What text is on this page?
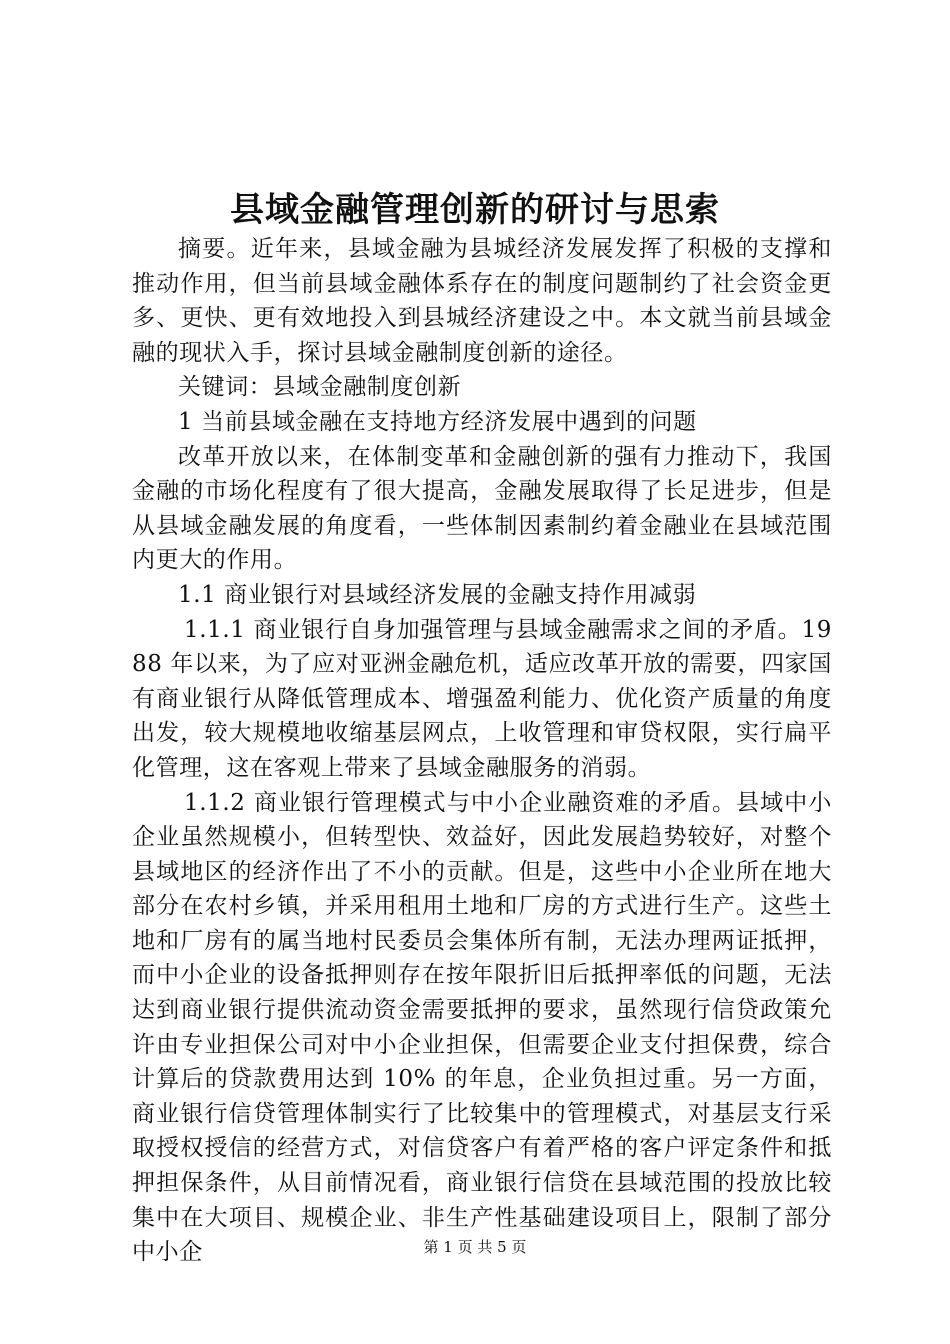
县域金融管理创新的研讨与思索

摘要。近年来，县域金融为县城经济发展发挥了积极的支撑和推动作用，但当前县域金融体系存在的制度问题制约了社会资金更多、更快、更有效地投入到县城经济建设之中。本文就当前县域金融的现状入手，探讨县域金融制度创新的途径。

关键词：县域金融制度创新

1 当前县域金融在支持地方经济发展中遇到的问题

改革开放以来，在体制变革和金融创新的强有力推动下，我国金融的市场化程度有了很大提高，金融发展取得了长足进步，但是从县域金融发展的角度看，一些体制因素制约着金融业在县域范围内更大的作用。

1.1 商业银行对县域经济发展的金融支持作用减弱

1.1.1 商业银行自身加强管理与县域金融需求之间的矛盾。1988 年以来，为了应对亚洲金融危机，适应改革开放的需要，四家国有商业银行从降低管理成本、增强盈利能力、优化资产质量的角度出发，较大规模地收缩基层网点，上收管理和审贷权限，实行扁平化管理，这在客观上带来了县域金融服务的消弱。

1.1.2 商业银行管理模式与中小企业融资难的矛盾。县域中小企业虽然规模小，但转型快、效益好，因此发展趋势较好，对整个县域地区的经济作出了不小的贡献。但是，这些中小企业所在地大部分在农村乡镇，并采用租用土地和厂房的方式进行生产。这些土地和厂房有的属当地村民委员会集体所有制，无法办理两证抵押，而中小企业的设备抵押则存在按年限折旧后抵押率低的问题，无法达到商业银行提供流动资金需要抵押的要求，虽然现行信贷政策允许由专业担保公司对中小企业担保，但需要企业支付担保费，综合计算后的贷款费用达到 10% 的年息，企业负担过重。另一方面，商业银行信贷管理体制实行了比较集中的管理模式，对基层支行采取授权授信的经营方式，对信贷客户有着严格的客户评定条件和抵押担保条件，从目前情况看，商业银行信贷在县域范围的投放比较集中在大项目、规模企业、非生产性基础建设项目上，限制了部分中小企	第 1 页 共 5 页
